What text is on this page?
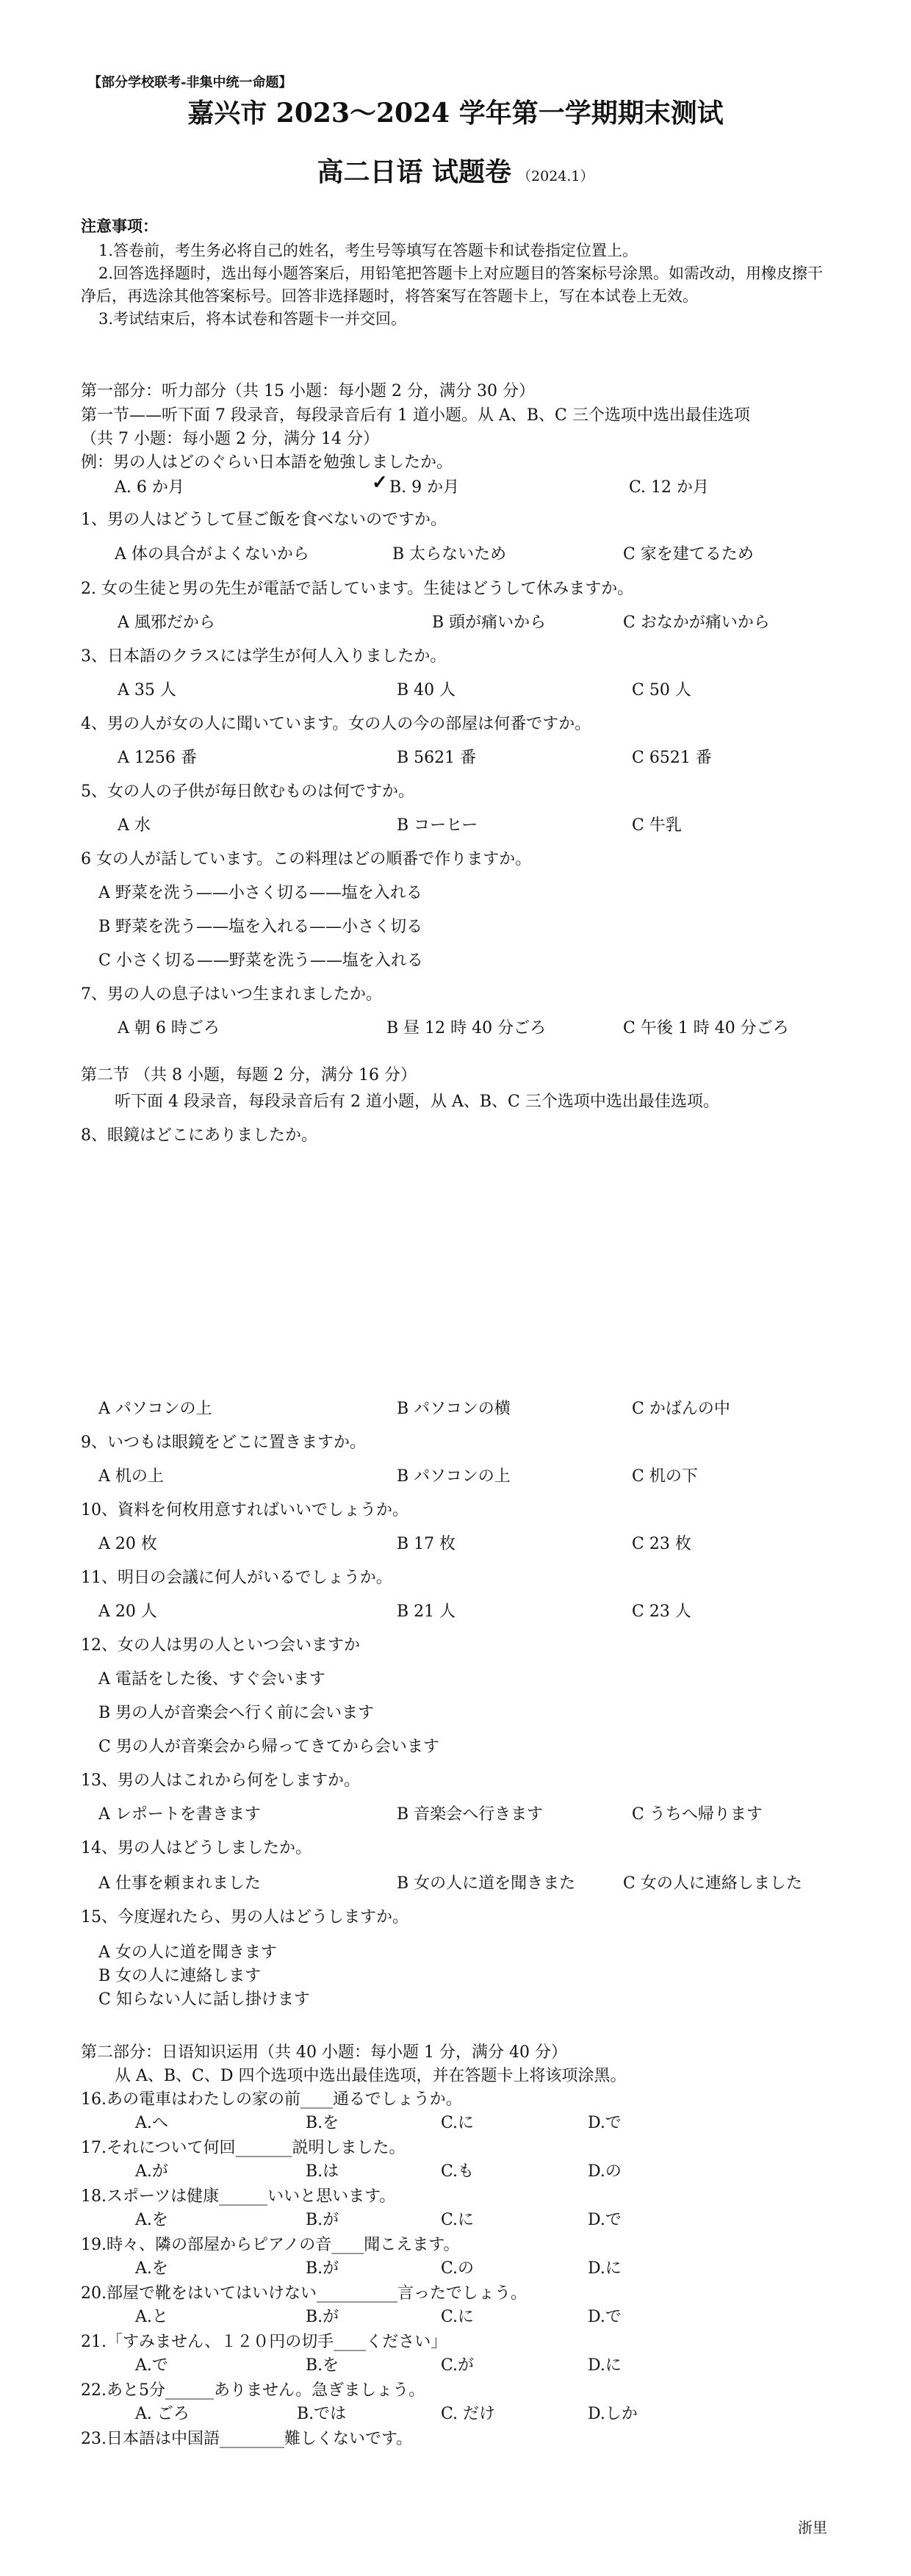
【部分学校联考-非集中统一命题】
嘉兴市 2023～2024 学年第一学期期末测试
高二日语 试题卷 （2024.1）
注意事项：

1.答卷前，考生务必将自己的姓名，考生号等填写在答题卡和试卷指定位置上。

2.回答选择题时，选出每小题答案后，用铅笔把答题卡上对应题目的答案标号涂黑。如需改动，用橡皮擦干净后，再选涂其他答案标号。回答非选择题时，将答案写在答题卡上，写在本试卷上无效。

3.考试结束后，将本试卷和答题卡一并交回。

第一部分：听力部分（共 15 小题：每小题 2 分，满分 30 分）
第一节——听下面 7 段录音，每段录音后有 1 道小题。从 A、B、C 三个选项中选出最佳选项
（共 7 小题：每小题 2 分，满分 14 分）
例：男の人はどのぐらい日本語を勉強しましたか。
A. 6 か月	✓ B. 9 か月	C. 12 か月
1、男の人はどうして昼ご飯を食べないのですか。
A 体の具合がよくないから	B 太らないため	C 家を建てるため
2. 女の生徒と男の先生が電話で話しています。生徒はどうして休みますか。
A 風邪だから	B 頭が痛いから	C おなかが痛いから
3、日本語のクラスには学生が何人入りましたか。
A 35 人	B 40 人	C 50 人
4、男の人が女の人に聞いています。女の人の今の部屋は何番ですか。
A 1256 番	B 5621 番	C 6521 番
5、女の人の子供が毎日飲むものは何ですか。
A 水	B コーヒー	C 牛乳
6 女の人が話しています。この料理はどの順番で作りますか。
A 野菜を洗う——小さく切る——塩を入れる
B 野菜を洗う——塩を入れる——小さく切る
C 小さく切る——野菜を洗う——塩を入れる
7、男の人の息子はいつ生まれましたか。
A 朝 6 時ごろ	B 昼 12 時 40 分ごろ	C 午後 1 時 40 分ごろ
第二节 （共 8 小题，每题 2 分，满分 16 分）
听下面 4 段录音，每段录音后有 2 道小题，从 A、B、C 三个选项中选出最佳选项。
8、眼鏡はどこにありましたか。
A パソコンの上	B パソコンの横	C かばんの中
9、いつもは眼鏡をどこに置きますか。
A 机の上	B パソコンの上	C 机の下
10、資料を何枚用意すればいいでしょうか。
A 20 枚	B 17 枚	C 23 枚
11、明日の会議に何人がいるでしょうか。
A 20 人	B 21 人	C 23 人
12、女の人は男の人といつ会いますか
A 電話をした後、すぐ会います
B 男の人が音楽会へ行く前に会います
C 男の人が音楽会から帰ってきてから会います
13、男の人はこれから何をしますか。
A レポートを書きます	B 音楽会へ行きます	C うちへ帰ります
14、男の人はどうしましたか。
A 仕事を頼まれました	B 女の人に道を聞きまた	C 女の人に連絡しました
15、今度遅れたら、男の人はどうしますか。
A 女の人に道を聞きます
B 女の人に連絡します
C 知らない人に話し掛けます
第二部分：日语知识运用（共 40 小题：每小题 1 分，满分 40 分）
从 A、B、C、D 四个选项中选出最佳选项，并在答题卡上将该项涂黑。
16.あの電車はわたしの家の前____通るでしょうか。
A.へ	B.を	C.に	D.で
17.それについて何回_______説明しました。
A.が	B.は	C.も	D.の
18.スポーツは健康______いいと思います。
A.を	B.が	C.に	D.で
19.時々、隣の部屋からピアノの音____聞こえます。
A.を	B.が	C.の	D.に
20.部屋で靴をはいてはいけない__________言ったでしょう。
A.と	B.が	C.に	D.で
21.「すみません、１２０円の切手____ください」
A.で	B.を	C.が	D.に
22.あと5分______ありません。急ぎましょう。
A. ごろ	B.では	C. だけ	D.しか
23.日本語は中国語________難しくないです。
浙里
